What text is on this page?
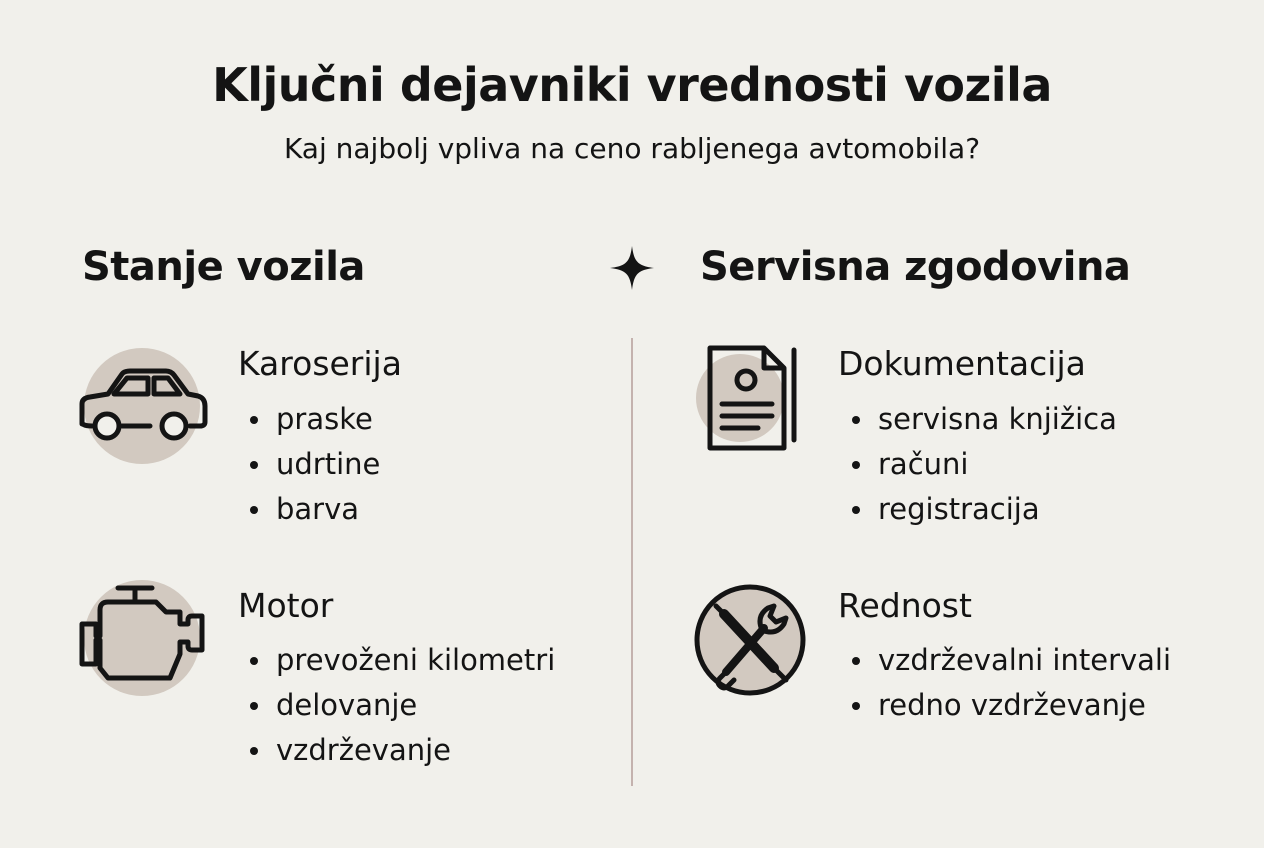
Ključni dejavniki vrednosti vozila
Kaj najbolj vpliva na ceno rabljenega avtomobila?
Stanje vozila	Servisna zgodovina
Karoserija
praske
udrtine
barva
Motor
prevoženi kilometri
delovanje
vzdrževanje
Dokumentacija
servisna knjižica
računi
registracija
Rednost
vzdrževalni intervali
redno vzdrževanje
